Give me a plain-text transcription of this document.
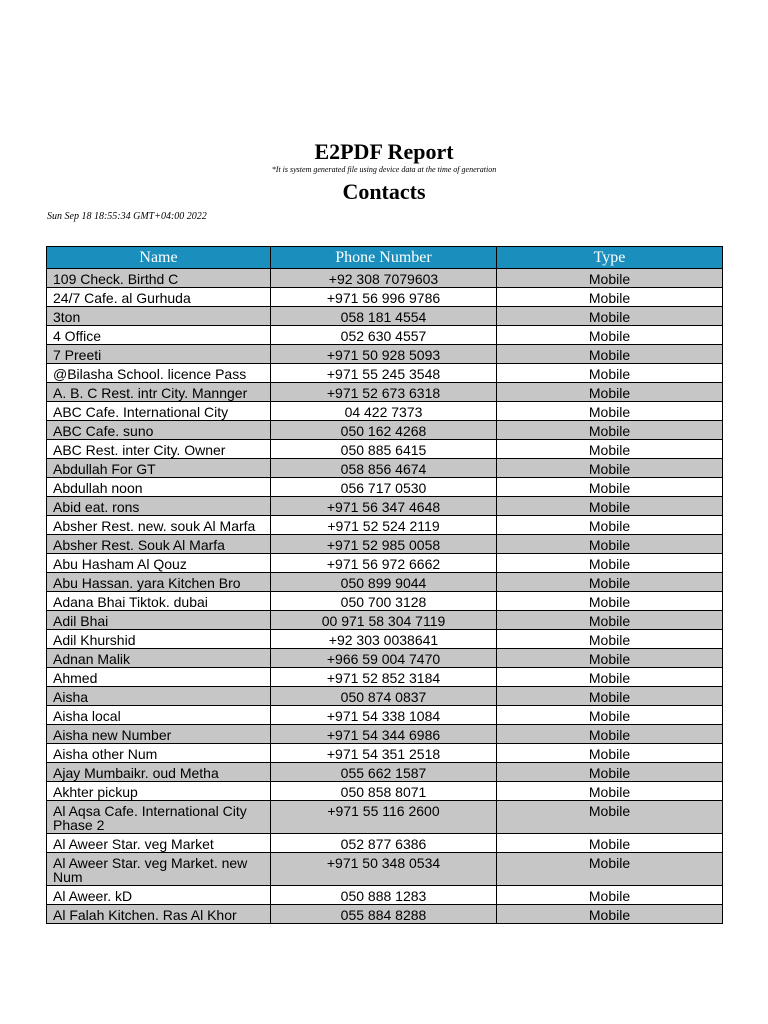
E2PDF Report
*It is system generated file using device data at the time of generation
Contacts
Sun Sep 18 18:55:34 GMT+04:00 2022
Name	Phone Number	Type
109 Check. Birthd C	+92 308 7079603	Mobile
24/7 Cafe. al Gurhuda	+971 56 996 9786	Mobile
3ton	058 181 4554	Mobile
4 Office	052 630 4557	Mobile
7 Preeti	+971 50 928 5093	Mobile
@Bilasha School. licence Pass	+971 55 245 3548	Mobile
A. B. C Rest. intr City. Mannger	+971 52 673 6318	Mobile
ABC Cafe. International City	04 422 7373	Mobile
ABC Cafe. suno	050 162 4268	Mobile
ABC Rest. inter City. Owner	050 885 6415	Mobile
Abdullah For GT	058 856 4674	Mobile
Abdullah noon	056 717 0530	Mobile
Abid eat. rons	+971 56 347 4648	Mobile
Absher Rest. new. souk Al Marfa	+971 52 524 2119	Mobile
Absher Rest. Souk Al Marfa	+971 52 985 0058	Mobile
Abu Hasham Al Qouz	+971 56 972 6662	Mobile
Abu Hassan. yara Kitchen Bro	050 899 9044	Mobile
Adana Bhai Tiktok. dubai	050 700 3128	Mobile
Adil Bhai	00 971 58 304 7119	Mobile
Adil Khurshid	+92 303 0038641	Mobile
Adnan Malik	+966 59 004 7470	Mobile
Ahmed	+971 52 852 3184	Mobile
Aisha	050 874 0837	Mobile
Aisha local	+971 54 338 1084	Mobile
Aisha new Number	+971 54 344 6986	Mobile
Aisha other Num	+971 54 351 2518	Mobile
Ajay Mumbaikr. oud Metha	055 662 1587	Mobile
Akhter pickup	050 858 8071	Mobile
Al Aqsa Cafe. International City Phase 2	+971 55 116 2600	Mobile
Al Aweer Star. veg Market	052 877 6386	Mobile
Al Aweer Star. veg Market. new Num	+971 50 348 0534	Mobile
Al Aweer. kD	050 888 1283	Mobile
Al Falah Kitchen. Ras Al Khor	055 884 8288	Mobile
